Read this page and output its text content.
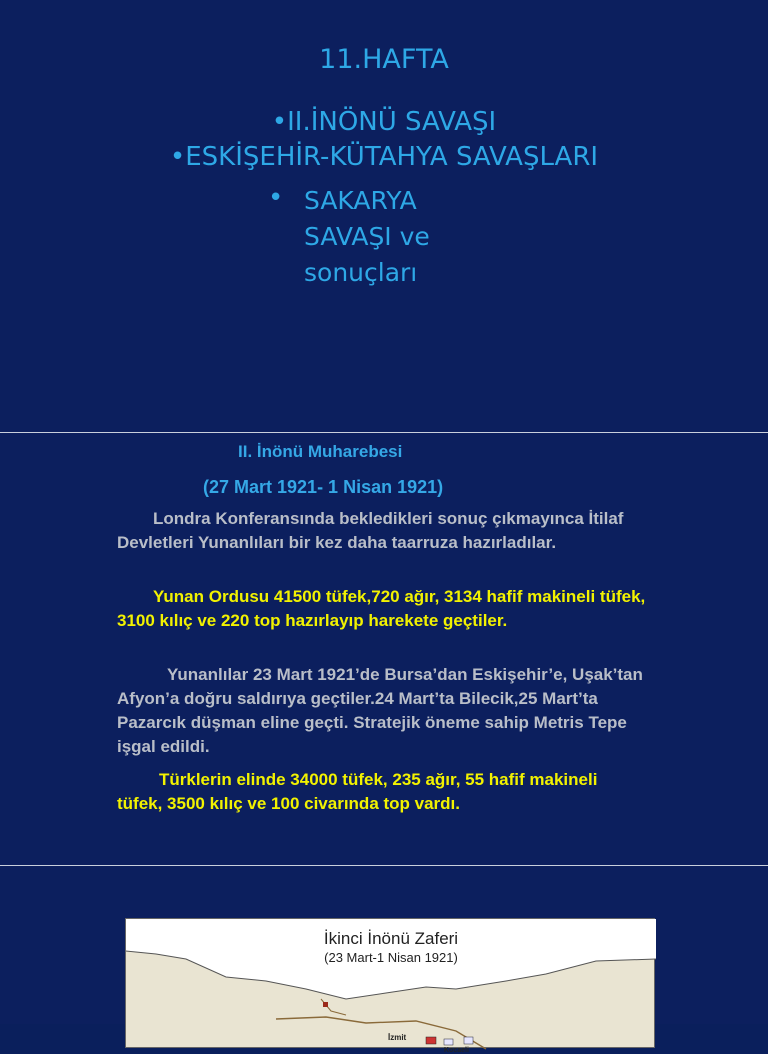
11.HAFTA
•II.İNÖNÜ SAVAŞI
•ESKİŞEHİR-KÜTAHYA SAVAŞLARI
• SAKARYA SAVAŞI ve sonuçları
II. İnönü Muharebesi
(27 Mart 1921- 1 Nisan 1921)

Londra Konferansında bekledikleri sonuç çıkmayınca İtilaf Devletleri Yunanlıları bir kez daha taarruza hazırladılar.

Yunan Ordusu 41500 tüfek,720 ağır, 3134 hafif makineli tüfek, 3100 kılıç ve 220 top hazırlayıp harekete geçtiler.

Yunanlılar 23 Mart 1921’de Bursa’dan Eskişehir’e, Uşak’tan Afyon’a doğru saldırıya geçtiler.24 Mart’ta Bilecik,25 Mart’ta Pazarcık düşman eline geçti. Stratejik öneme sahip Metris Tepe işgal edildi.

Türklerin elinde 34000 tüfek, 235 ağır, 55 hafif makineli tüfek, 3500 kılıç ve 100 civarında top vardı.

İkinci İnönü Zaferi
(23 Mart-1 Nisan 1921)
İzmit
Kocaeli
